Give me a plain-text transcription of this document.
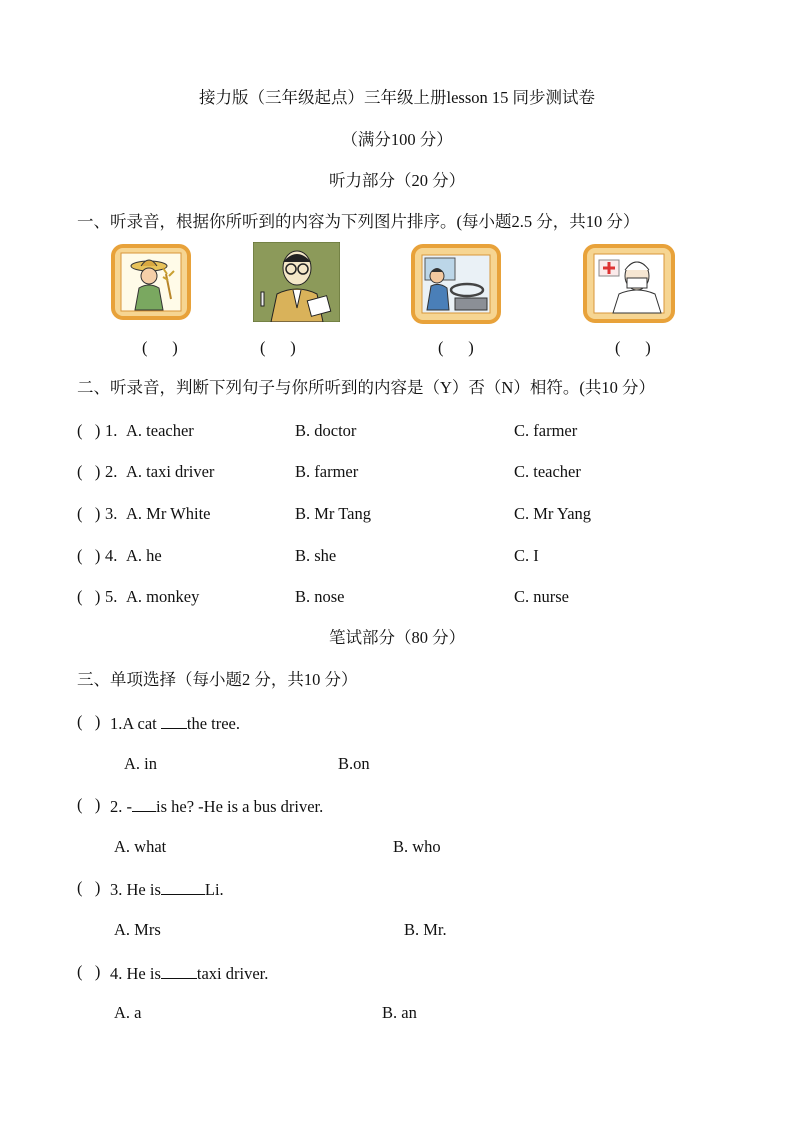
接力版（三年级起点）三年级上册lesson 15 同步测试卷
（满分100 分）
听力部分（20 分）
一、听录音，根据你所听到的内容为下列图片排序。(每小题2.5 分，共10 分）
(      )	(      )	(      )	(      )
二、听录音，判断下列句子与你所听到的内容是（Y）否（N）相符。(共10 分）
(   ) 1. A. teacher	B. doctor	C. farmer
(   ) 2. A. taxi driver	B. farmer	C. teacher
(   ) 3. A. Mr White	B. Mr Tang	C. Mr Yang
(   ) 4. A. he	B. she	C. I
(   ) 5. A. monkey	B. nose	C. nurse
笔试部分（80 分）
三、单项选择（每小题2 分，共10 分）
(   ) 1.A cat the tree.
A. in	B.on
(   ) 2. - is he? -He is a bus driver.
A. what	B. who
(   ) 3. He is	Li.
A. Mrs	B. Mr.
(   ) 4. He is taxi driver.
A. a	B. an
